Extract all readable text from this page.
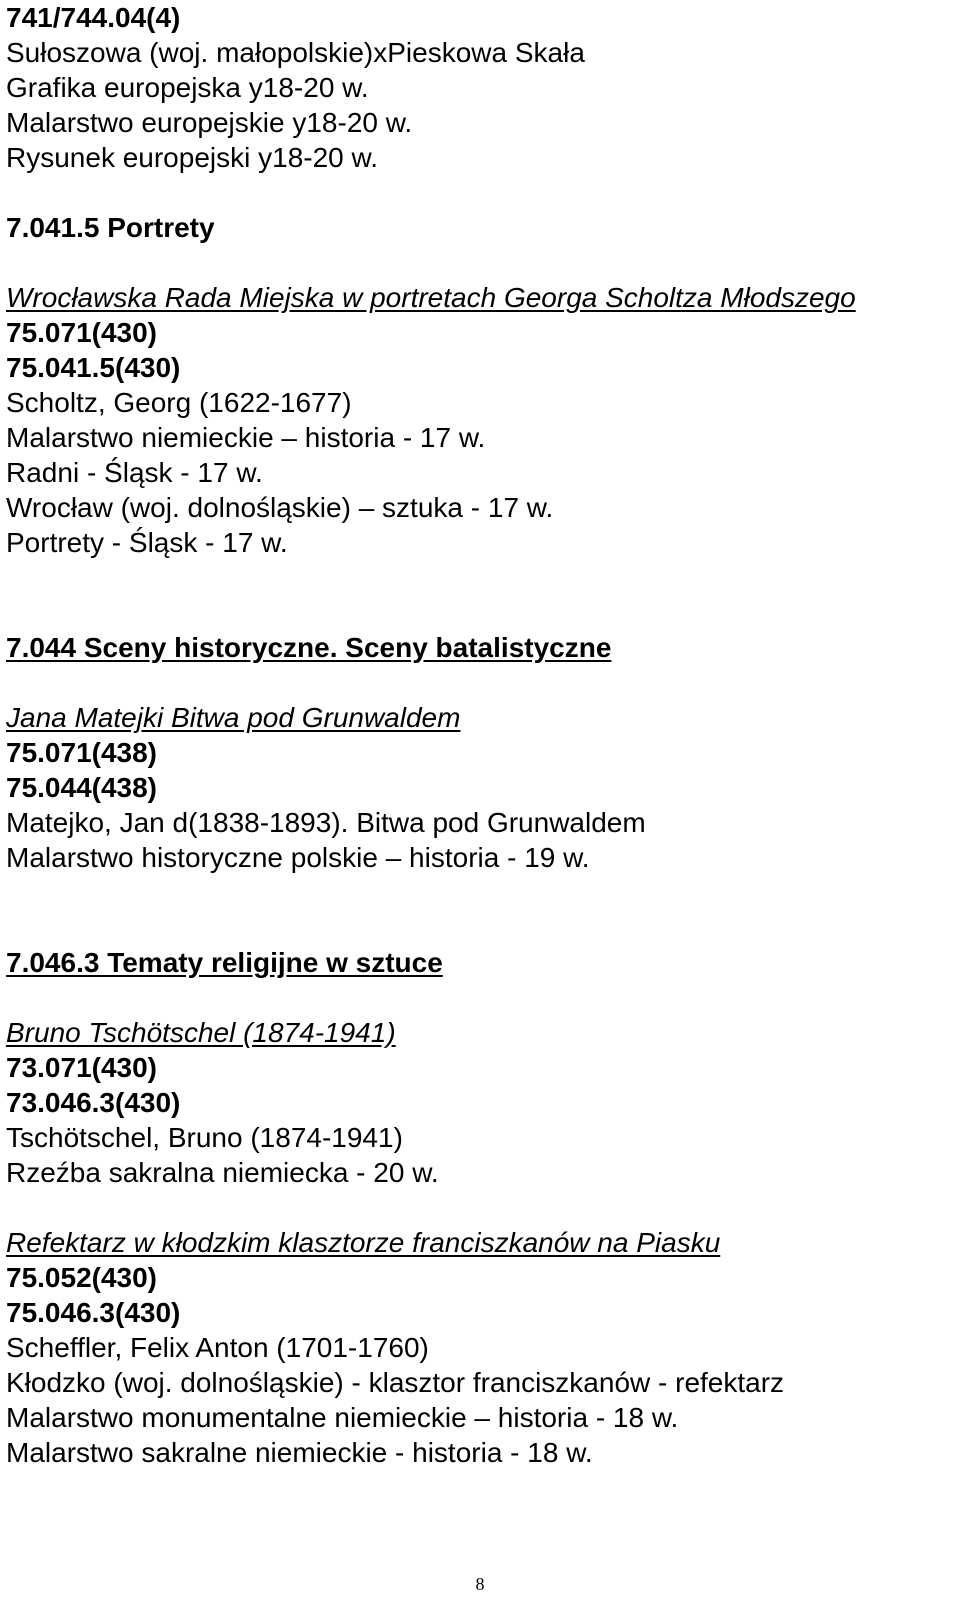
741/744.04(4)

Sułoszowa (woj. małopolskie)xPieskowa Skała

Grafika europejska y18-20 w.

Malarstwo europejskie y18-20 w.

Rysunek europejski y18-20 w.

7.041.5 Portrety

Wrocławska Rada Miejska w portretach Georga Scholtza Młodszego

75.071(430)

75.041.5(430)

Scholtz, Georg (1622-1677)

Malarstwo niemieckie – historia - 17 w.

Radni - Śląsk - 17 w.

Wrocław (woj. dolnośląskie) – sztuka - 17 w.

Portrety - Śląsk - 17 w.

7.044 Sceny historyczne. Sceny batalistyczne

Jana Matejki Bitwa pod Grunwaldem

75.071(438)

75.044(438)

Matejko, Jan d(1838-1893). Bitwa pod Grunwaldem

Malarstwo historyczne polskie – historia - 19 w.

7.046.3 Tematy religijne w sztuce

Bruno Tschötschel (1874-1941)

73.071(430)

73.046.3(430)

Tschötschel, Bruno (1874-1941)

Rzeźba sakralna niemiecka - 20 w.

Refektarz w kłodzkim klasztorze franciszkanów na Piasku

75.052(430)

75.046.3(430)

Scheffler, Felix Anton (1701-1760)

Kłodzko (woj. dolnośląskie) - klasztor franciszkanów - refektarz

Malarstwo monumentalne niemieckie – historia - 18 w.

Malarstwo sakralne niemieckie - historia - 18 w.

8
